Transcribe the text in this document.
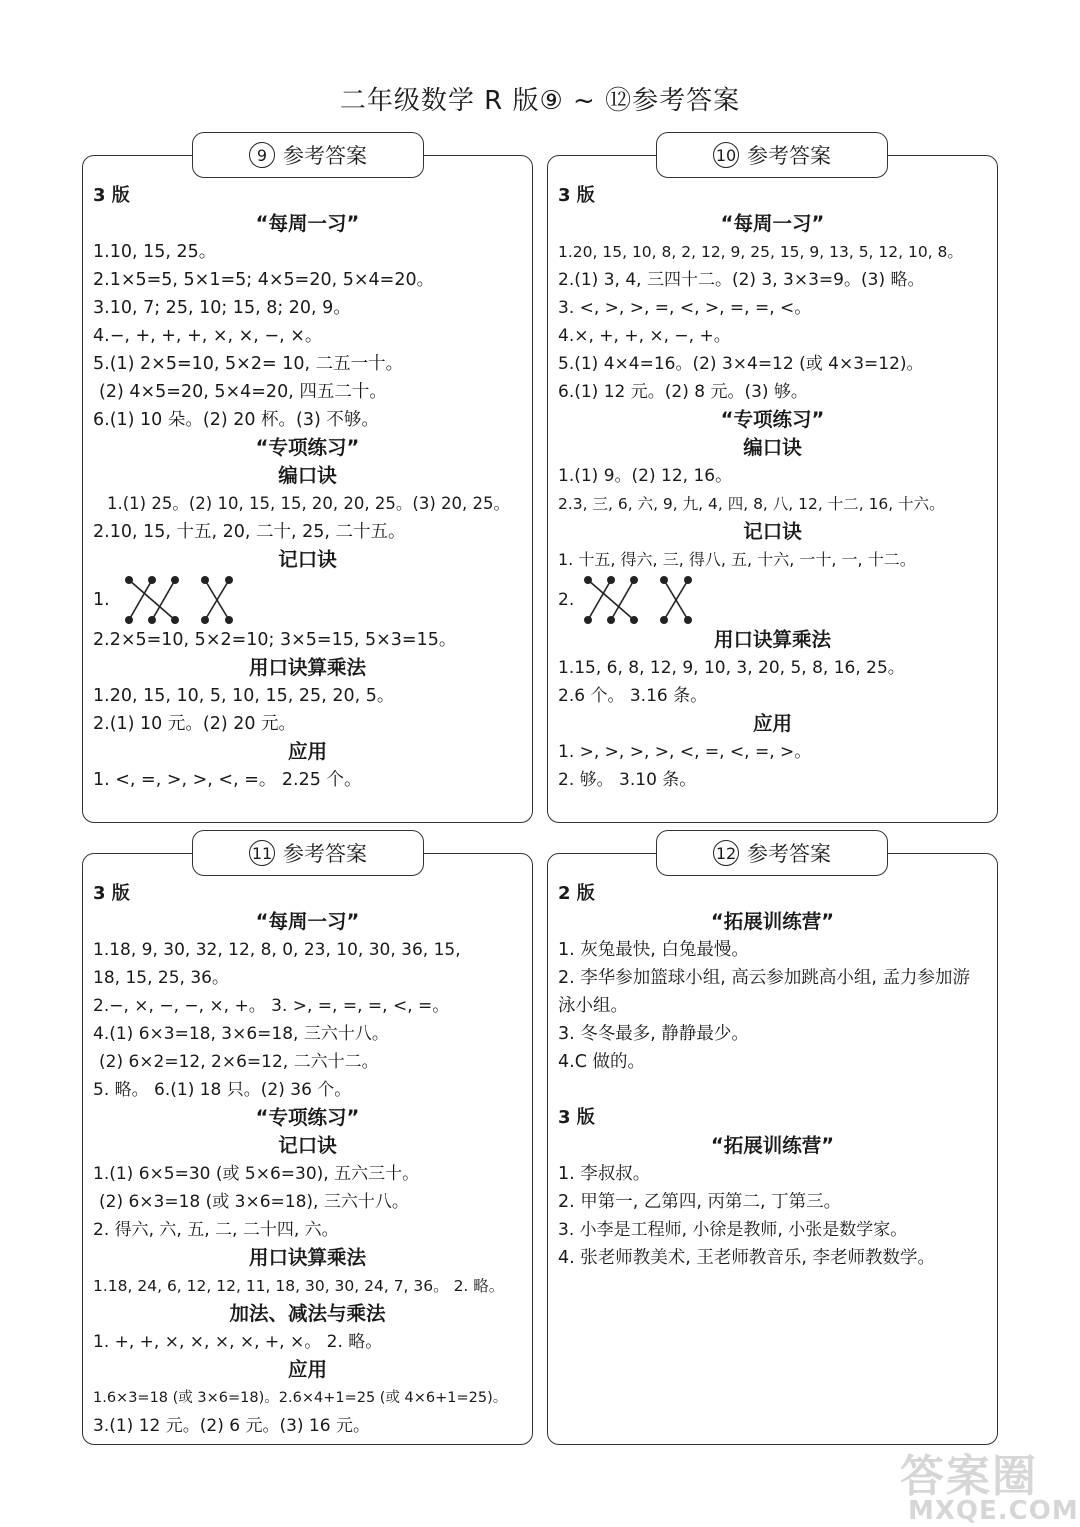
二年级数学 R 版⑨ ~ ⑫参考答案
3 版
“每周一习”
1.10, 15, 25。
2.1×5=5, 5×1=5; 4×5=20, 5×4=20。
3.10, 7; 25, 10; 15, 8; 20, 9。
4.−, +, +, +, ×, ×, −, ×。
5.(1) 2×5=10, 5×2= 10, 二五一十。
(2) 4×5=20, 5×4=20, 四五二十。
6.(1) 10 朵。(2) 20 杯。(3) 不够。
“专项练习”
编口诀
1.(1) 25。(2) 10, 15, 15, 20, 20, 25。(3) 20, 25。
2.10, 15, 十五, 20, 二十, 25, 二十五。
记口诀
1.
2.2×5=10, 5×2=10; 3×5=15, 5×3=15。
用口诀算乘法
1.20, 15, 10, 5, 10, 15, 25, 20, 5。
2.(1) 10 元。(2) 20 元。
应用
1. <, =, >, >, <, =。 2.25 个。
9 参考答案
3 版
“每周一习”
1.20, 15, 10, 8, 2, 12, 9, 25, 15, 9, 13, 5, 12, 10, 8。
2.(1) 3, 4, 三四十二。(2) 3, 3×3=9。(3) 略。
3. <, >, >, =, <, >, =, =, <。
4.×, +, +, ×, −, +。
5.(1) 4×4=16。(2) 3×4=12 (或 4×3=12)。
6.(1) 12 元。(2) 8 元。(3) 够。
“专项练习”
编口诀
1.(1) 9。(2) 12, 16。
2.3, 三, 6, 六, 9, 九, 4, 四, 8, 八, 12, 十二, 16, 十六。
记口诀
1. 十五, 得六, 三, 得八, 五, 十六, 一十, 一, 十二。
2.
用口诀算乘法
1.15, 6, 8, 12, 9, 10, 3, 20, 5, 8, 16, 25。
2.6 个。 3.16 条。
应用
1. >, >, >, >, <, =, <, =, >。
2. 够。 3.10 条。
10 参考答案
3 版
“每周一习”
1.18, 9, 30, 32, 12, 8, 0, 23, 10, 30, 36, 15,
18, 15, 25, 36。
2.−, ×, −, −, ×, +。 3. >, =, =, =, <, =。
4.(1) 6×3=18, 3×6=18, 三六十八。
(2) 6×2=12, 2×6=12, 二六十二。
5. 略。 6.(1) 18 只。(2) 36 个。
“专项练习”
记口诀
1.(1) 6×5=30 (或 5×6=30), 五六三十。
(2) 6×3=18 (或 3×6=18), 三六十八。
2. 得六, 六, 五, 二, 二十四, 六。
用口诀算乘法
1.18, 24, 6, 12, 12, 11, 18, 30, 30, 24, 7, 36。 2. 略。
加法、减法与乘法
1. +, +, ×, ×, ×, ×, +, ×。 2. 略。
应用
1.6×3=18 (或 3×6=18)。2.6×4+1=25 (或 4×6+1=25)。
3.(1) 12 元。(2) 6 元。(3) 16 元。
11 参考答案
2 版
“拓展训练营”
1. 灰兔最快, 白兔最慢。
2. 李华参加篮球小组, 高云参加跳高小组, 孟力参加游泳小组。
3. 冬冬最多, 静静最少。
4.C 做的。
3 版
“拓展训练营”
1. 李叔叔。
2. 甲第一, 乙第四, 丙第二, 丁第三。
3. 小李是工程师, 小徐是教师, 小张是数学家。
4. 张老师教美术, 王老师教音乐, 李老师教数学。
12 参考答案
答案圈
MXQE.COM
